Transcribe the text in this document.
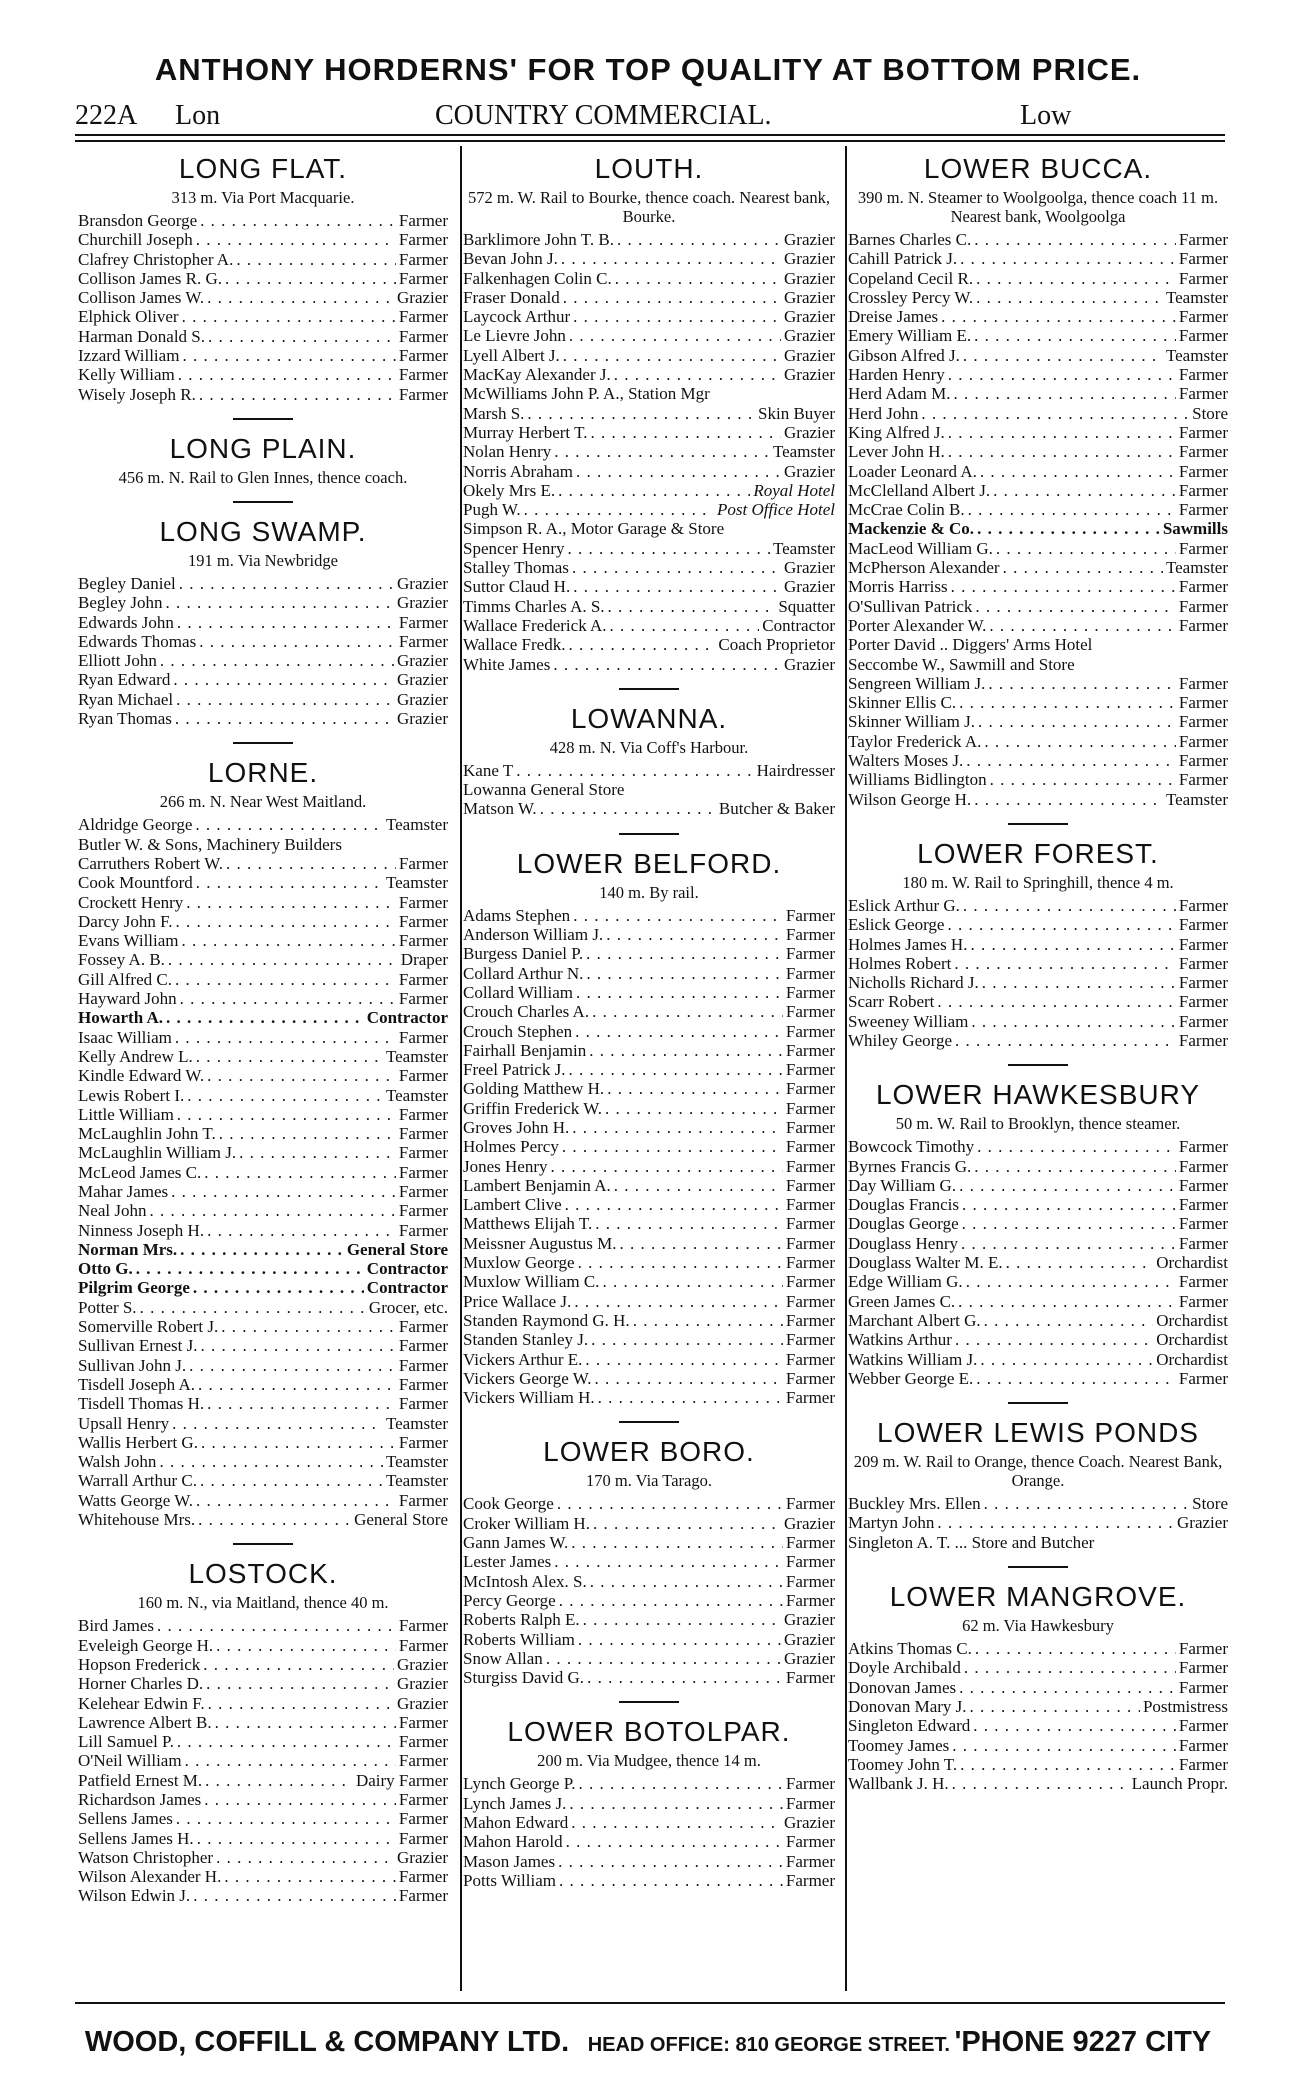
ANTHONY HORDERNS' FOR TOP QUALITY AT BOTTOM PRICE.
222A Lon	COUNTRY COMMERCIAL.	Low
LONG FLAT.
313 m. Via Port Macquarie.
Bransdon George . . .	Farmer
Churchill Joseph . . .	Farmer
Clafrey Christopher A. . . .	Farmer
Collison James R. G. . . .	Farmer
Collison James W. . . .	Grazier
Elphick Oliver . . .	Farmer
Harman Donald S. . . .	Farmer
Izzard William . . .	Farmer
Kelly William . . .	Farmer
Wisely Joseph R. . . .	Farmer
LONG PLAIN.
456 m. N. Rail to Glen Innes, thence coach.
LONG SWAMP.
191 m. Via Newbridge
Begley Daniel . . .	Grazier
Begley John . . .	Grazier
Edwards John . . .	Farmer
Edwards Thomas . . .	Farmer
Elliott John . . .	Grazier
Ryan Edward . . .	Grazier
Ryan Michael . . .	Grazier
Ryan Thomas . . .	Grazier
LORNE.
266 m. N. Near West Maitland.
Aldridge George . . .	Teamster
Butler W. & Sons, Machinery Builders
Carruthers Robert W. . . .	Farmer
Cook Mountford . . .	Teamster
Crockett Henry . . .	Farmer
Darcy John F. . . .	Farmer
Evans William . . .	Farmer
Fossey A. B. . . .	Draper
Gill Alfred C. . . .	Farmer
Hayward John . . .	Farmer
Howarth A. . . .	Contractor
Isaac William . . .	Farmer
Kelly Andrew L. . . .	Teamster
Kindle Edward W. . . .	Farmer
Lewis Robert I. . . .	Teamster
Little William . . .	Farmer
McLaughlin John T. . . .	Farmer
McLaughlin William J. . . .	Farmer
McLeod James C. . . .	Farmer
Mahar James . . .	Farmer
Neal John . . .	Farmer
Ninness Joseph H. . . .	Farmer
Norman Mrs. . . .	General Store
Otto G. . . .	Contractor
Pilgrim George . . .	Contractor
Potter S. . . .	Grocer, etc.
Somerville Robert J. . . .	Farmer
Sullivan Ernest J. . . .	Farmer
Sullivan John J. . . .	Farmer
Tisdell Joseph A. . . .	Farmer
Tisdell Thomas H. . . .	Farmer
Upsall Henry . . .	Teamster
Wallis Herbert G. . . .	Farmer
Walsh John . . .	Teamster
Warrall Arthur C. . . .	Teamster
Watts George W. . . .	Farmer
Whitehouse Mrs. . . .	General Store
LOSTOCK.
160 m. N., via Maitland, thence 40 m.
Bird James . . .	Farmer
Eveleigh George H. . . .	Farmer
Hopson Frederick . . .	Grazier
Horner Charles D. . . .	Grazier
Kelehear Edwin F. . . .	Grazier
Lawrence Albert B. . . .	Farmer
Lill Samuel P. . . .	Farmer
O'Neil William . . .	Farmer
Patfield Ernest M. . . .	Dairy Farmer
Richardson James . . .	Farmer
Sellens James . . .	Farmer
Sellens James H. . . .	Farmer
Watson Christopher . . .	Grazier
Wilson Alexander H. . . .	Farmer
Wilson Edwin J. . . .	Farmer
LOUTH.
572 m. W. Rail to Bourke, thence coach. Nearest bank, Bourke.
Barklimore John T. B. . . .	Grazier
Bevan John J. . . .	Grazier
Falkenhagen Colin C. . . .	Grazier
Fraser Donald . . .	Grazier
Laycock Arthur . . .	Grazier
Le Lievre John . . .	Grazier
Lyell Albert J. . . .	Grazier
MacKay Alexander J. . . .	Grazier
McWilliams John P. A., Station Mgr
Marsh S. . . .	Skin Buyer
Murray Herbert T. . . .	Grazier
Nolan Henry . . .	Teamster
Norris Abraham . . .	Grazier
Okely Mrs E. . . .	Royal Hotel
Pugh W. . . .	Post Office Hotel
Simpson R. A., Motor Garage & Store
Spencer Henry . . .	Teamster
Stalley Thomas . . .	Grazier
Suttor Claud H. . . .	Grazier
Timms Charles A. S. . . .	Squatter
Wallace Frederick A. . . .	Contractor
Wallace Fredk. . . .	Coach Proprietor
White James . . .	Grazier
LOWANNA.
428 m. N. Via Coff's Harbour.
Kane T . . .	Hairdresser
Lowanna General Store
Matson W. . . .	Butcher & Baker
LOWER BELFORD.
140 m. By rail.
Adams Stephen . . .	Farmer
Anderson William J. . . .	Farmer
Burgess Daniel P. . . .	Farmer
Collard Arthur N. . . .	Farmer
Collard William . . .	Farmer
Crouch Charles A. . . .	Farmer
Crouch Stephen . . .	Farmer
Fairhall Benjamin . . .	Farmer
Freel Patrick J. . . .	Farmer
Golding Matthew H. . . .	Farmer
Griffin Frederick W. . . .	Farmer
Groves John H. . . .	Farmer
Holmes Percy . . .	Farmer
Jones Henry . . .	Farmer
Lambert Benjamin A. . . .	Farmer
Lambert Clive . . .	Farmer
Matthews Elijah T. . . .	Farmer
Meissner Augustus M. . . .	Farmer
Muxlow George . . .	Farmer
Muxlow William C. . . .	Farmer
Price Wallace J. . . .	Farmer
Standen Raymond G. H. . . .	Farmer
Standen Stanley J. . . .	Farmer
Vickers Arthur E. . . .	Farmer
Vickers George W. . . .	Farmer
Vickers William H. . . .	Farmer
LOWER BORO.
170 m. Via Tarago.
Cook George . . .	Farmer
Croker William H. . . .	Grazier
Gann James W. . . .	Farmer
Lester James . . .	Farmer
McIntosh Alex. S. . . .	Farmer
Percy George . . .	Farmer
Roberts Ralph E. . . .	Grazier
Roberts William . . .	Grazier
Snow Allan . . .	Grazier
Sturgiss David G. . . .	Farmer
LOWER BOTOLPAR.
200 m. Via Mudgee, thence 14 m.
Lynch George P. . . .	Farmer
Lynch James J. . . .	Farmer
Mahon Edward . . .	Grazier
Mahon Harold . . .	Farmer
Mason James . . .	Farmer
Potts William . . .	Farmer
LOWER BUCCA.
390 m. N. Steamer to Woolgoolga, thence coach 11 m. Nearest bank, Woolgoolga
Barnes Charles C. . . .	Farmer
Cahill Patrick J. . . .	Farmer
Copeland Cecil R. . . .	Farmer
Crossley Percy W. . . .	Teamster
Dreise James . . .	Farmer
Emery William E. . . .	Farmer
Gibson Alfred J. . . .	Teamster
Harden Henry . . .	Farmer
Herd Adam M. . . .	Farmer
Herd John . . .	Store
King Alfred J. . . .	Farmer
Lever John H. . . .	Farmer
Loader Leonard A. . . .	Farmer
McClelland Albert J. . . .	Farmer
McCrae Colin B. . . .	Farmer
Mackenzie & Co. . . .	Sawmills
MacLeod William G. . . .	Farmer
McPherson Alexander . . .	Teamster
Morris Harriss . . .	Farmer
O'Sullivan Patrick . . .	Farmer
Porter Alexander W. . . .	Farmer
Porter David .. Diggers' Arms Hotel
Seccombe W., Sawmill and Store
Sengreen William J. . . .	Farmer
Skinner Ellis C. . . .	Farmer
Skinner William J. . . .	Farmer
Taylor Frederick A. . . .	Farmer
Walters Moses J. . . .	Farmer
Williams Bidlington . . .	Farmer
Wilson George H. . . .	Teamster
LOWER FOREST.
180 m. W. Rail to Springhill, thence 4 m.
Eslick Arthur G. . . .	Farmer
Eslick George . . .	Farmer
Holmes James H. . . .	Farmer
Holmes Robert . . .	Farmer
Nicholls Richard J. . . .	Farmer
Scarr Robert . . .	Farmer
Sweeney William . . .	Farmer
Whiley George . . .	Farmer
LOWER HAWKESBURY
50 m. W. Rail to Brooklyn, thence steamer.
Bowcock Timothy . . .	Farmer
Byrnes Francis G. . . .	Farmer
Day William G. . . .	Farmer
Douglas Francis . . .	Farmer
Douglas George . . .	Farmer
Douglass Henry . . .	Farmer
Douglass Walter M. E. . . .	Orchardist
Edge William G. . . .	Farmer
Green James C. . . .	Farmer
Marchant Albert G. . . .	Orchardist
Watkins Arthur . . .	Orchardist
Watkins William J. . . .	Orchardist
Webber George E. . . .	Farmer
LOWER LEWIS PONDS
209 m. W. Rail to Orange, thence Coach. Nearest Bank, Orange.
Buckley Mrs. Ellen . . .	Store
Martyn John . . .	Grazier
Singleton A. T. ... Store and Butcher
LOWER MANGROVE.
62 m. Via Hawkesbury
Atkins Thomas C. . . .	Farmer
Doyle Archibald . . .	Farmer
Donovan James . . .	Farmer
Donovan Mary J. . . .	Postmistress
Singleton Edward . . .	Farmer
Toomey James . . .	Farmer
Toomey John T. . . .	Farmer
Wallbank J. H. . . .	Launch Propr.
WOOD, COFFILL & COMPANY LTD. HEAD OFFICE: 810 GEORGE STREET. 'PHONE 9227 CITY
